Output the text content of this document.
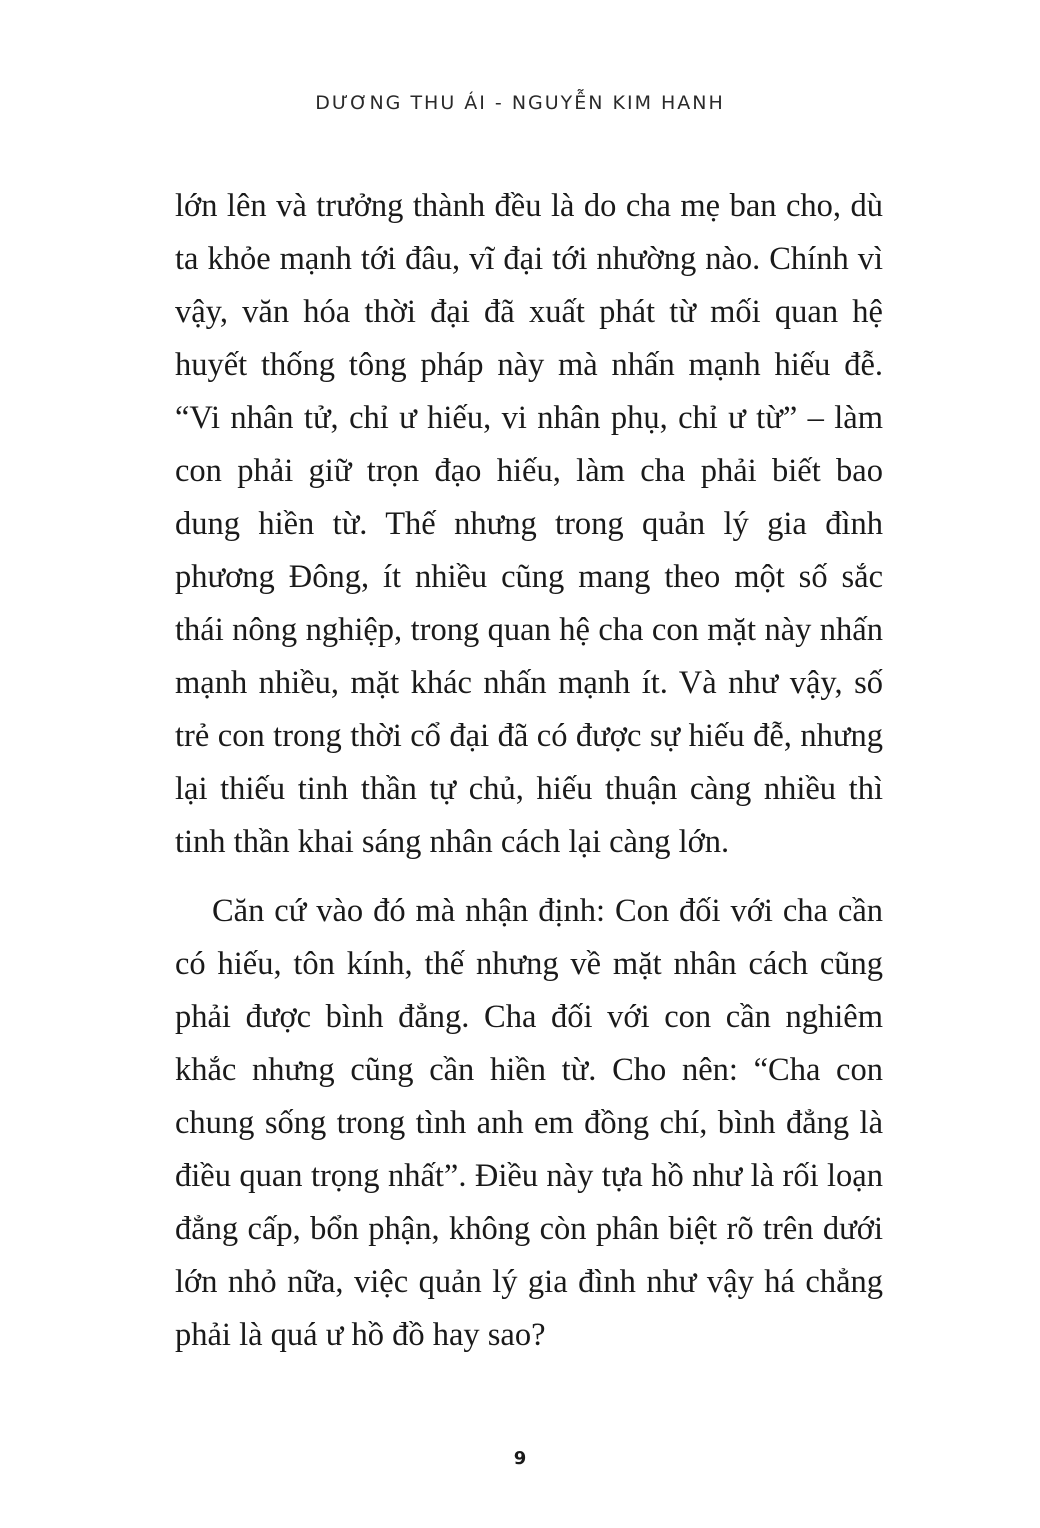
DƯƠNG THU ÁI - NGUYỄN KIM HANH

lớn lên và trưởng thành đều là do cha mẹ ban cho, dù ta khỏe mạnh tới đâu, vĩ đại tới nhường nào. Chính vì vậy, văn hóa thời đại đã xuất phát từ mối quan hệ huyết thống tông pháp này mà nhấn mạnh hiếu đễ. “Vi nhân tử, chỉ ư hiếu, vi nhân phụ, chỉ ư từ” – làm con phải giữ trọn đạo hiếu, làm cha phải biết bao dung hiền từ. Thế nhưng trong quản lý gia đình phương Đông, ít nhiều cũng mang theo một số sắc thái nông nghiệp, trong quan hệ cha con mặt này nhấn mạnh nhiều, mặt khác nhấn mạnh ít. Và như vậy, số trẻ con trong thời cổ đại đã có được sự hiếu đễ, nhưng lại thiếu tinh thần tự chủ, hiếu thuận càng nhiều thì tinh thần khai sáng nhân cách lại càng lớn.

Căn cứ vào đó mà nhận định: Con đối với cha cần có hiếu, tôn kính, thế nhưng về mặt nhân cách cũng phải được bình đẳng. Cha đối với con cần nghiêm khắc nhưng cũng cần hiền từ. Cho nên: “Cha con chung sống trong tình anh em đồng chí, bình đẳng là điều quan trọng nhất”. Điều này tựa hồ như là rối loạn đẳng cấp, bổn phận, không còn phân biệt rõ trên dưới lớn nhỏ nữa, việc quản lý gia đình như vậy há chẳng phải là quá ư hồ đồ hay sao?

9
